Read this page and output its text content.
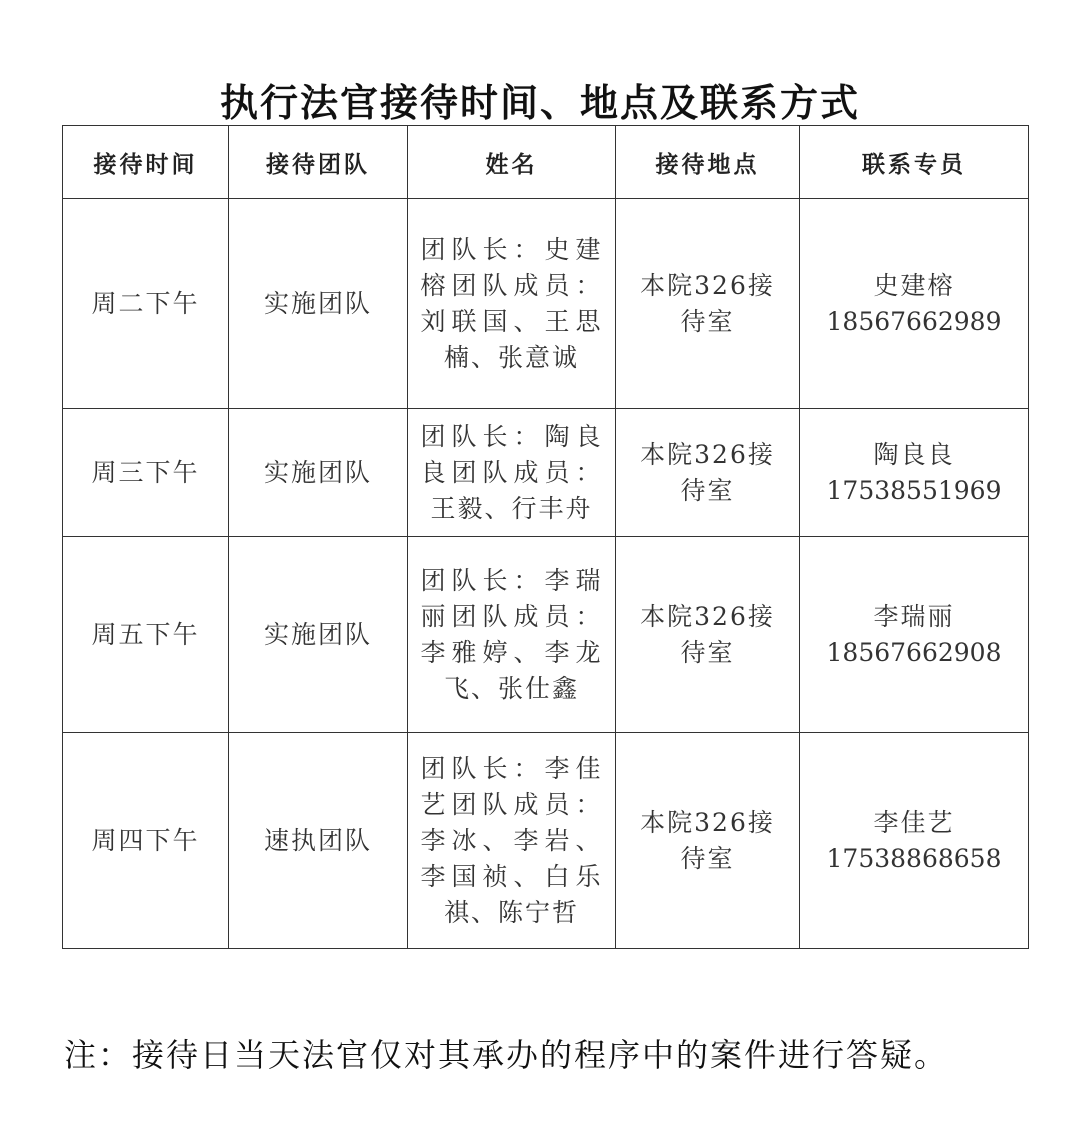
执行法官接待时间、地点及联系方式
接待时间	接待团队	姓名	接待地点	联系专员
周二下午	实施团队	团队长：史建榕团队成员：刘联国、王思楠、张意诚	本院326接待室	史建榕
18567662989

周三下午	实施团队	团队长：陶良良团队成员：王毅、行丰舟	本院326接待室	陶良良
17538551969

周五下午	实施团队	团队长：李瑞丽团队成员：李雅婷、李龙飞、张仕鑫	本院326接待室	李瑞丽
18567662908

周四下午	速执团队	团队长：李佳艺团队成员：李冰、李岩、李国祯、白乐祺、陈宁哲	本院326接待室	李佳艺
17538868658
注：接待日当天法官仅对其承办的程序中的案件进行答疑。
